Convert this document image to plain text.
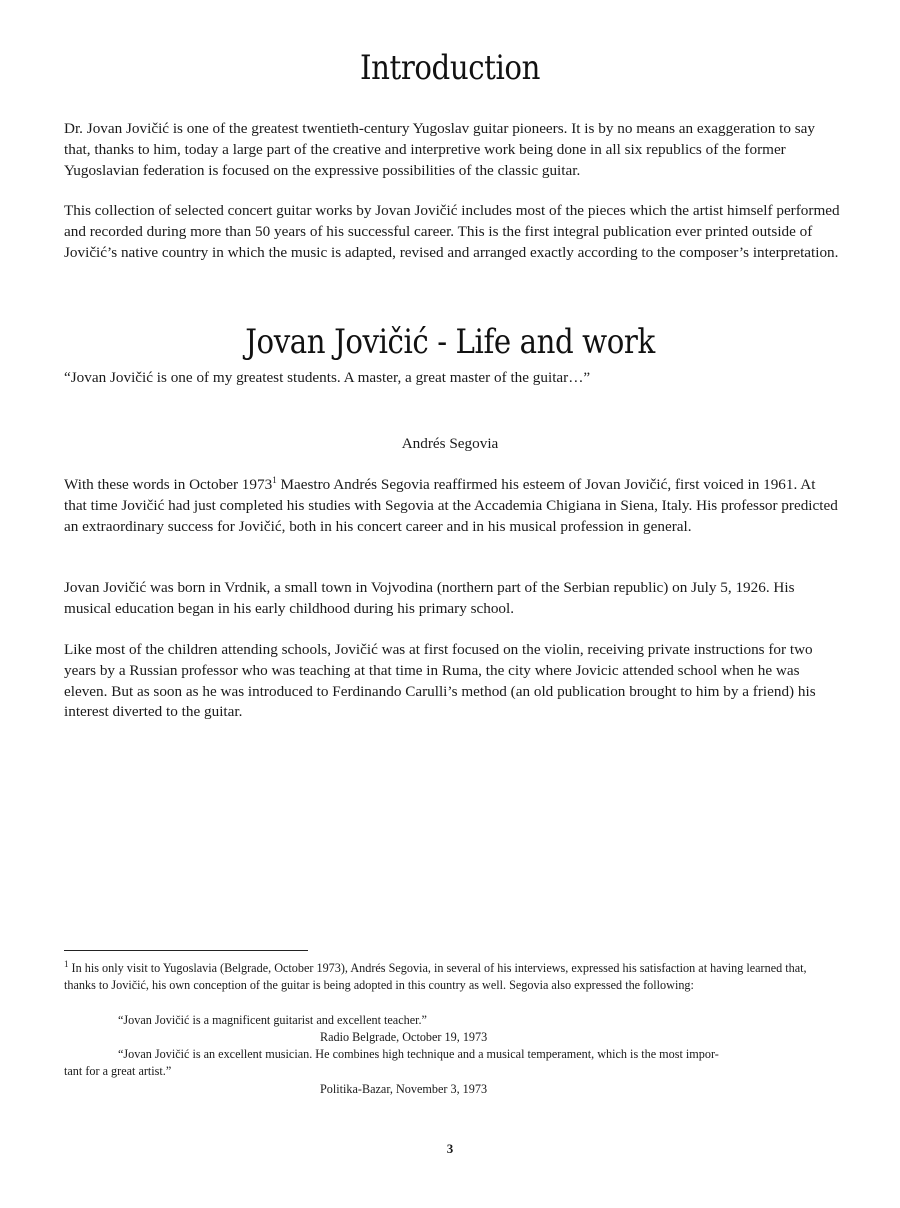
Introduction

Dr. Jovan Jovičić is one of the greatest twentieth-century Yugoslav guitar pioneers. It is by no means an exaggeration to say that, thanks to him, today a large part of the creative and interpretive work being done in all six republics of the former Yugoslavian federation is focused on the expressive possibilities of the classic guitar.

This collection of selected concert guitar works by Jovan Jovičić includes most of the pieces which the artist himself performed and recorded during more than 50 years of his successful career. This is the first integral publication ever printed outside of Jovičić’s native country in which the music is adapted, revised and arranged exactly according to the composer’s interpretation.

Jovan Jovičić - Life and work

“Jovan Jovičić is one of my greatest students. A master, a great master of the guitar…”

Andrés Segovia

With these words in October 1973$^1$ Maestro Andrés Segovia reaffirmed his esteem of Jovan Jovičić, first voiced in 1961. At that time Jovičić had just completed his studies with Segovia at the Accademia Chigiana in Siena, Italy. His professor predicted an extraordinary success for Jovičić, both in his concert career and in his musical profession in general.

Jovan Jovičić was born in Vrdnik, a small town in Vojvodina (northern part of the Serbian republic) on July 5, 1926. His musical education began in his early childhood during his primary school.

Like most of the children attending schools, Jovičić was at first focused on the violin, receiving private instructions for two years by a Russian professor who was teaching at that time in Ruma, the city where Jovicic attended school when he was eleven. But as soon as he was introduced to Ferdinando Carulli’s method (an old publication brought to him by a friend) his interest diverted to the guitar.

$^1$ In his only visit to Yugoslavia (Belgrade, October 1973), Andrés Segovia, in several of his interviews, expressed his satisfaction at having learned that, thanks to Jovičić, his own conception of the guitar is being adopted in this country as well. Segovia also expressed the following:

“Jovan Jovičić is a magnificent guitarist and excellent teacher.”

Radio Belgrade, October 19, 1973

“Jovan Jovičić is an excellent musician. He combines high technique and a musical temperament, which is the most impor-

tant for a great artist.”

Politika-Bazar, November 3, 1973

3
